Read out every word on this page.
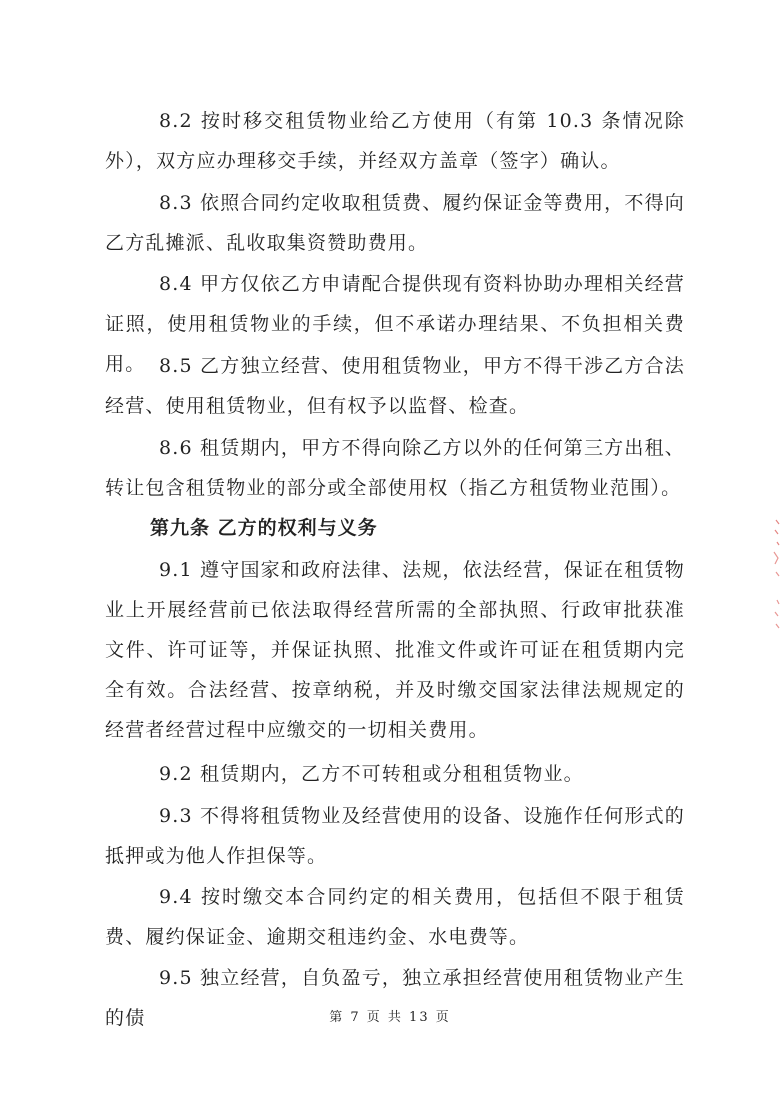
8.2 按时移交租赁物业给乙方使用（有第 10.3 条情况除外），双方应办理移交手续，并经双方盖章（签字）确认。

8.3 依照合同约定收取租赁费、履约保证金等费用，不得向乙方乱摊派、乱收取集资赞助费用。

8.4 甲方仅依乙方申请配合提供现有资料协助办理相关经营证照，使用租赁物业的手续，但不承诺办理结果、不负担相关费用。 8.5 乙方独立经营、使用租赁物业，甲方不得干涉乙方合法经营、使用租赁物业，但有权予以监督、检查。

8.6 租赁期内，甲方不得向除乙方以外的任何第三方出租、转让包含租赁物业的部分或全部使用权（指乙方租赁物业范围）。

第九条 乙方的权利与义务

9.1 遵守国家和政府法律、法规，依法经营，保证在租赁物业上开展经营前已依法取得经营所需的全部执照、行政审批获准文件、许可证等，并保证执照、批准文件或许可证在租赁期内完全有效。合法经营、按章纳税，并及时缴交国家法律法规规定的经营者经营过程中应缴交的一切相关费用。

9.2 租赁期内，乙方不可转租或分租租赁物业。

9.3 不得将租赁物业及经营使用的设备、设施作任何形式的抵押或为他人作担保等。

9.4 按时缴交本合同约定的相关费用，包括但不限于租赁费、履约保证金、逾期交租违约金、水电费等。

9.5 独立经营，自负盈亏，独立承担经营使用租赁物业产生的债	第 7 页 共 13 页
